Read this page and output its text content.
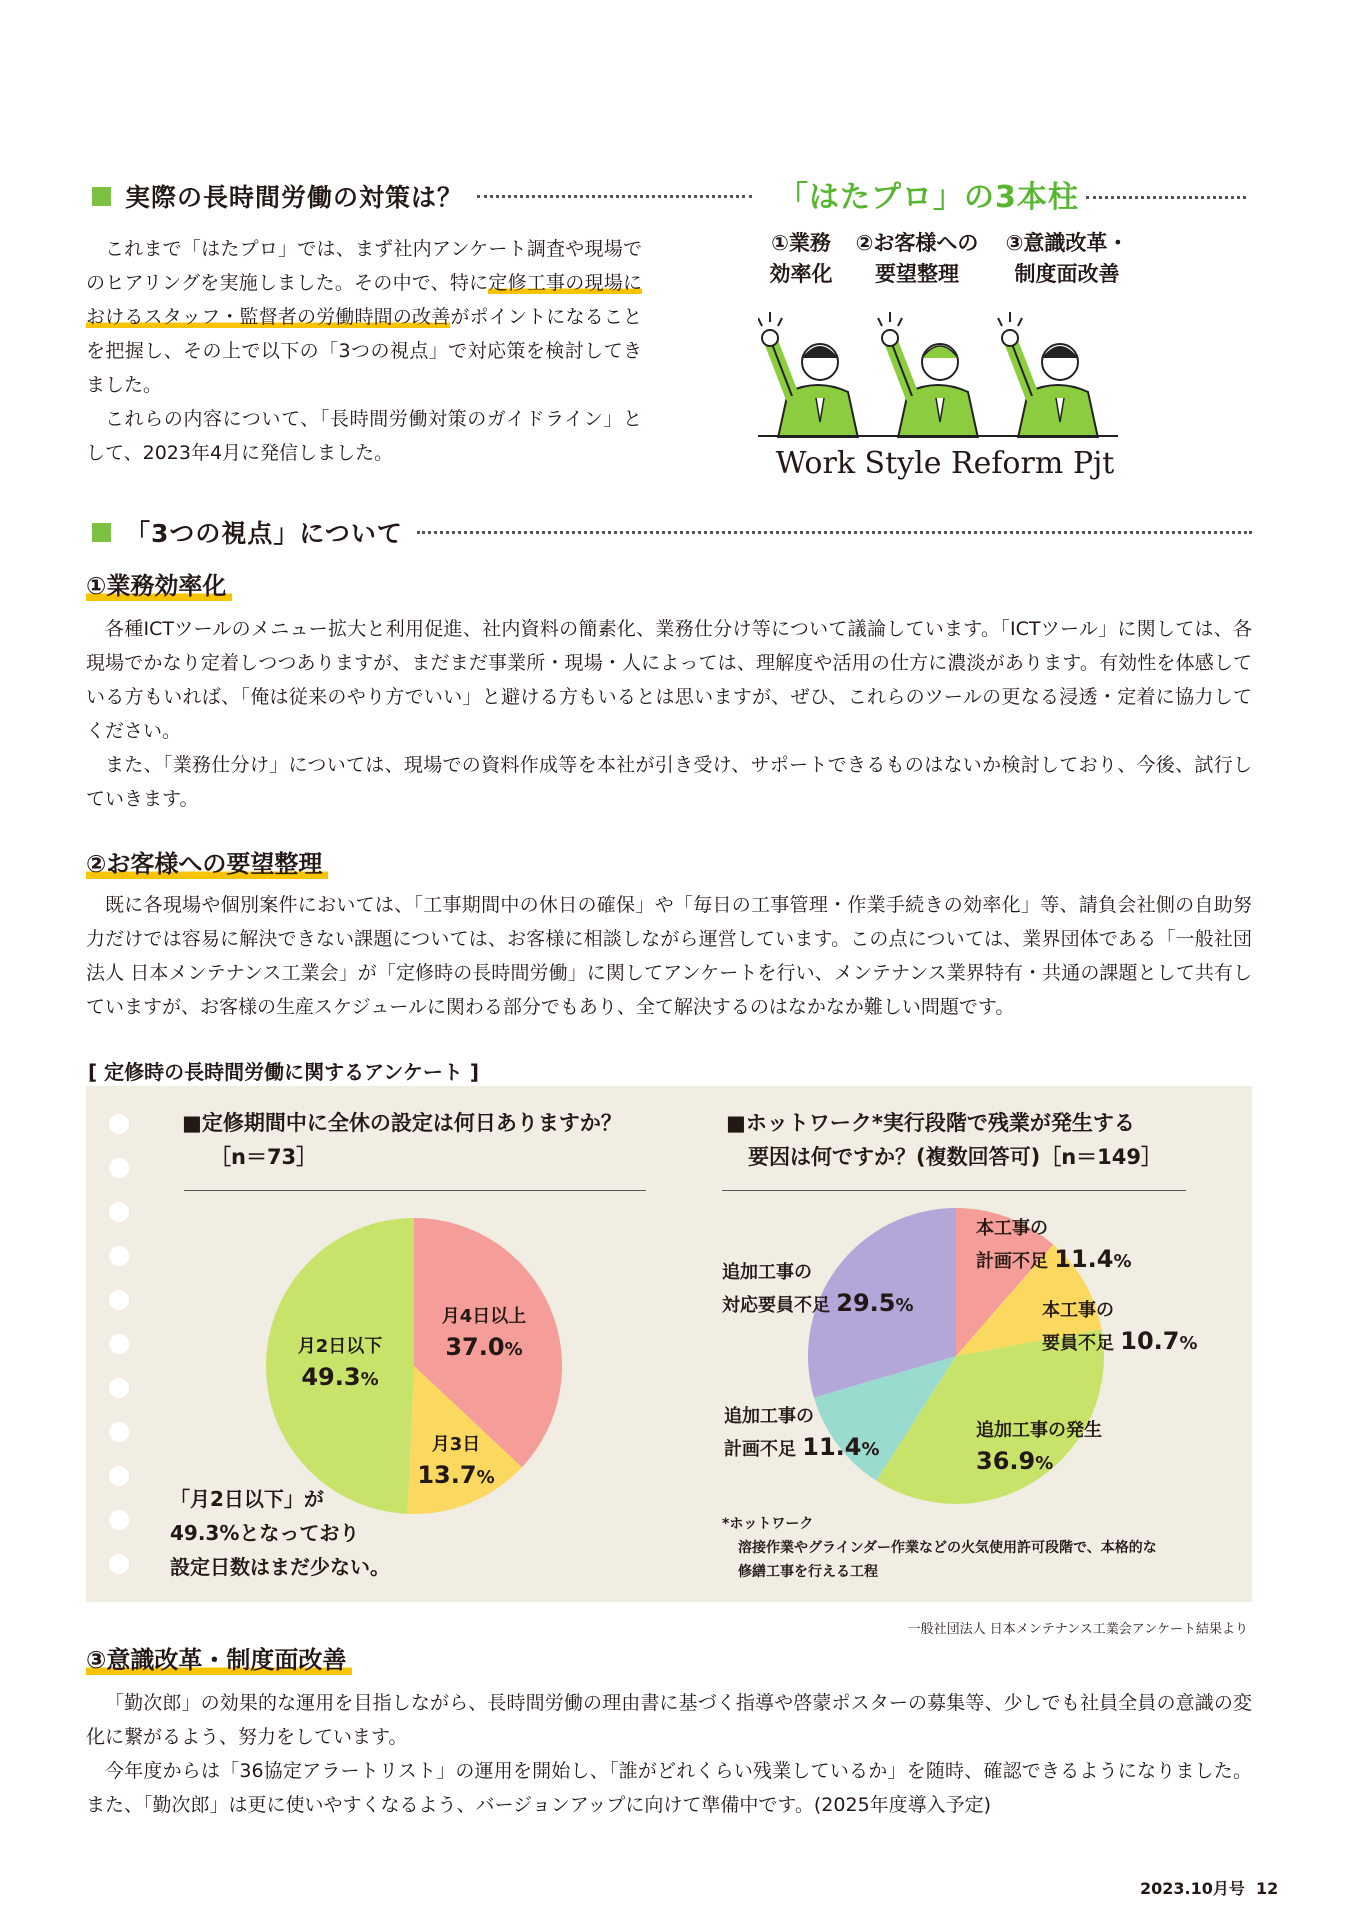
実際の長時間労働の対策は？

これまで「はたプロ」では、まず社内アンケート調査や現場でのヒアリングを実施しました。その中で、特に定修工事の現場におけるスタッフ・監督者の労働時間の改善がポイントになることを把握し、その上で以下の「3つの視点」で対応策を検討してきました。

これらの内容について、「長時間労働対策のガイドライン」として、2023年4月に発信しました。

「はたプロ」の3本柱
①業務
効率化
②お客様への
要望整理
③意識改革・
制度面改善
Work Style Reform Pjt
「3つの視点」について
①業務効率化

各種ICTツールのメニュー拡大と利用促進、社内資料の簡素化、業務仕分け等について議論しています。「ICTツール」に関しては、各現場でかなり定着しつつありますが、まだまだ事業所・現場・人によっては、理解度や活用の仕方に濃淡があります。有効性を体感している方もいれば、「俺は従来のやり方でいい」と避ける方もいるとは思いますが、ぜひ、これらのツールの更なる浸透・定着に協力してください。

また、「業務仕分け」については、現場での資料作成等を本社が引き受け、サポートできるものはないか検討しており、今後、試行していきます。

②お客様への要望整理

既に各現場や個別案件においては、「工事期間中の休日の確保」や「毎日の工事管理・作業手続きの効率化」等、請負会社側の自助努力だけでは容易に解決できない課題については、お客様に相談しながら運営しています。この点については、業界団体である「一般社団法人 日本メンテナンス工業会」が「定修時の長時間労働」に関してアンケートを行い、メンテナンス業界特有・共通の課題として共有していますが、お客様の生産スケジュールに関わる部分でもあり、全て解決するのはなかなか難しい問題です。

[ 定修時の長時間労働に関するアンケート ]
■定修期間中に全休の設定は何日ありますか？
［n＝73］
月4日以上
37.0%
月3日
13.7%
月2日以下
49.3%
「月2日以下」が
49.3%となっており
設定日数はまだ少ない。
■ホットワーク*実行段階で残業が発生する
要因は何ですか？(複数回答可)［n＝149］
本工事の
計画不足 11.4%
本工事の
要員不足 10.7%
追加工事の発生
36.9%
追加工事の
計画不足 11.4%
追加工事の
対応要員不足 29.5%
*ホットワーク
溶接作業やグラインダー作業などの火気使用許可段階で、本格的な
修繕工事を行える工程
一般社団法人 日本メンテナンス工業会アンケート結果より
③意識改革・制度面改善

「勤次郎」の効果的な運用を目指しながら、長時間労働の理由書に基づく指導や啓蒙ポスターの募集等、少しでも社員全員の意識の変化に繋がるよう、努力をしています。

今年度からは「36協定アラートリスト」の運用を開始し、「誰がどれくらい残業しているか」を随時、確認できるようになりました。また、「勤次郎」は更に使いやすくなるよう、バージョンアップに向けて準備中です。(2025年度導入予定)

2023.10月号 12
